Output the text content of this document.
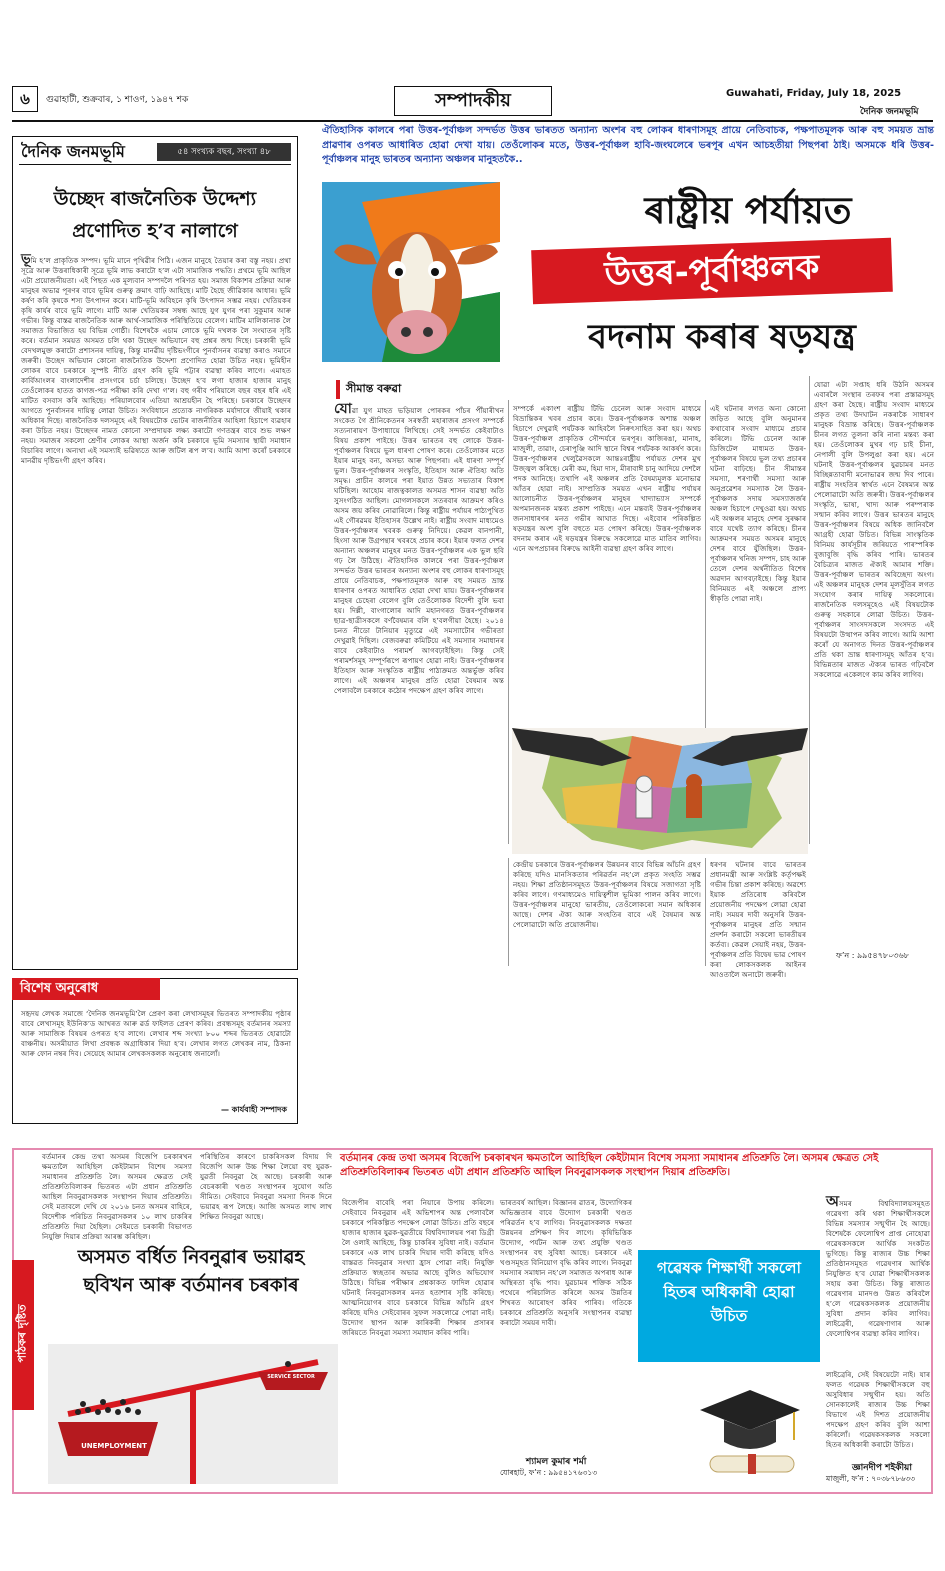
৬	গুৱাহাটী, শুক্ৰবাৰ, ১ শাওণ, ১৯৪৭ শক	সম্পাদকীয়	Guwahati, Friday, July 18, 2025
দৈনিক জনমভূমি
দৈনিক জনমভূমি	৫৪ সংখ্যক বছৰ, সংখ্যা ৪৮
উচ্ছেদ ৰাজনৈতিক উদ্দেশ্য প্ৰণোদিত হ’ব নালাগে
ভূমি হ’ল প্ৰাকৃতিক সম্পদ। ভূমি মানে পৃথিৱীৰ পিঠি। এজন মানুহে তৈয়াৰ কৰা বস্তু নহয়। প্ৰথা সূত্ৰে আৰু উত্তৰাধিকাৰী সূত্ৰে ভূমি লাভ কৰাটো হ’ল এটা সামাজিক পদ্ধতি। প্ৰথমে ভূমি আছিল এটা প্ৰয়োজনীয়তা। এই পিছত এক মূল্যবান সম্পদলৈ পৰিণত হয়। সমাজ বিকাশৰ প্ৰক্ৰিয়া আৰু মানুহৰ অভাৱ পূৰণৰ বাবে ভূমিৰ গুৰুত্ব ক্ৰমাৎ বাঢ়ি আহিছে। মাটি হৈছে জীৱিকাৰ আধাৰ। ভূমি কৰ্ষণ কৰি কৃষকে শস্য উৎপাদন কৰে। মাটি-ভূমি অবিহনে কৃষি উৎপাদন সম্ভৱ নহয়। খেতিয়কৰ কৃষি কাৰ্যৰ বাবে ভূমি লাগে। মাটি আৰু খেতিয়কৰ সম্বন্ধ আছে যুগ যুগৰ পৰা সুকুমাৰ আৰু গভীৰ। কিন্তু বাস্তৱ ৰাজনৈতিক আৰু আৰ্থ-সামাজিক পৰিস্থিতিয়ে বেলেগ। মাটিৰ মালিকানাক লৈ সমাজত বিভাজিত হয় বিভিন্ন গোষ্ঠী। বিশেষকৈ এচাম লোকে ভূমি দখলক লৈ সংঘাতৰ সৃষ্টি কৰে। বৰ্তমান সময়ত অসমত চলি থকা উচ্ছেদ অভিযানে বহু প্ৰশ্নৰ জন্ম দিছে। চৰকাৰী ভূমি বেদখলমুক্ত কৰাটো প্ৰশাসনৰ দায়িত্ব, কিন্তু মানৱীয় দৃষ্টিভংগীৰে পুনৰ্বাসনৰ ব্যৱস্থা কৰাও সমানে জৰুৰী। উচ্ছেদ অভিযান কোনো ৰাজনৈতিক উদ্দেশ্য প্ৰণোদিত হোৱা উচিত নহয়। ভূমিহীন লোকৰ বাবে চৰকাৰে সুস্পষ্ট নীতি গ্ৰহণ কৰি ভূমি পট্টাৰ ব্যৱস্থা কৰিব লাগে। এমাহত কাৰ্বিআংলৰ বাংলাদেশীৰ প্ৰসংগৰে চৰ্চা চলিছে। উচ্ছেদ হ’ব লগা হাজাৰ হাজাৰ মানুহ তেওঁলোকৰ হাতত কাগজ-পত্ৰ পৰীক্ষা কৰি দেখা গ’ল। বহু গৰীব পৰিয়ালে বছৰ বছৰ ধৰি এই মাটিত বসবাস কৰি আহিছে। পৰিয়ালবোৰ এতিয়া আশ্ৰয়হীন হৈ পৰিছে। চৰকাৰে উচ্ছেদৰ আগতে পুনৰ্বাসনৰ দায়িত্ব লোৱা উচিত। সংবিধানে প্ৰত্যেক নাগৰিকক মৰ্যাদাৰে জীয়াই থকাৰ অধিকাৰ দিছে। ৰাজনৈতিক দলসমূহে এই বিষয়টোক ভোটৰ ৰাজনীতিৰ আহিলা হিচাপে ব্যৱহাৰ কৰা উচিত নহয়। উচ্ছেদৰ নামত কোনো সম্প্ৰদায়ক লক্ষ্য কৰাটো গণতন্ত্ৰৰ বাবে শুভ লক্ষণ নহয়। সমাজৰ সকলো শ্ৰেণীৰ লোকৰ আস্থা অৰ্জন কৰি চৰকাৰে ভূমি সমস্যাৰ স্থায়ী সমাধান বিচাৰিব লাগে। অন্যথা এই সমস্যাই ভৱিষ্যতে আৰু জটিল ৰূপ ল’ব। আমি আশা কৰোঁ চৰকাৰে মানৱীয় দৃষ্টিভংগী গ্ৰহণ কৰিব।
বিশেষ অনুৰোধ
সহৃদয় লেখক সমাজে ‘দৈনিক জনমভূমি’লৈ প্ৰেৰণ কৰা লেখাসমূহৰ ভিতৰত সম্পাদকীয় পৃষ্ঠাৰ বাবে লেখাসমূহ ইউনিক’ড আখৰত আৰু ৱৰ্ড ফাইলত প্ৰেৰণ কৰিব। প্ৰবন্ধসমূহ বৰ্তমানৰ সমস্যা আৰু সামাজিক বিষয়ৰ ওপৰত হ’ব লাগে। লেখাৰ শব্দ সংখ্যা ৮০০ শব্দৰ ভিতৰত হোৱাটো বাঞ্চনীয়। অসমীয়াত লিখা প্ৰবন্ধক অগ্ৰাধিকাৰ দিয়া হ’ব। লেখাৰ লগত লেখকৰ নাম, ঠিকনা আৰু ফোন নম্বৰ দিব। সেয়েহে আমাৰ লেখকসকলক অনুৰোধ জনালোঁ।
— কাৰ্যবাহী সম্পাদক
ঐতিহাসিক কালৰে পৰা উত্তৰ-পূৰ্বাঞ্চল সন্দৰ্ভত উত্তৰ ভাৰতত অন্যান্য অংশৰ বহু লোকৰ ধাৰণাসমূহ প্ৰায়ে নেতিবাচক, পক্ষপাতমূলক আৰু বহু সময়ত ভ্ৰান্ত প্ৰাৱণাৰ ওপৰত আধাৰিত হোৱা দেখা যায়। তেওঁলোকৰ মতে, উত্তৰ-পূৰ্বাঞ্চল হাবি-জংঘলেৰে ভৰপূৰ এখন আচহতীয়া পিছপৰা ঠাই। অসমকে ধৰি উত্তৰ-পূৰ্বাঞ্চলৰ মানুহ ভাৰতৰ অন্যান্য অঞ্চলৰ মানুহতকৈ..
ৰাষ্ট্ৰীয় পৰ্যায়ত
উত্তৰ-পূৰ্বাঞ্চলক
বদনাম কৰাৰ ষড়যন্ত্ৰ
সীমান্ত বৰুৱা
যোৱা যুগ মাহত ভড়িয়াল পোৰকৰ পাঁচৰ পীঁয়াৰীখন সংকেত গৈ শ্ৰীনিকেতনৰ সৰস্বতী মহাৰাজৰ প্ৰসংগ সম্পৰ্কে সত্যনাৰায়ণ উপাধ্যায়ে লিখিছে। সেই সন্দৰ্ভত কেইবাটাও বিষয় প্ৰকাশ পাইছে। উত্তৰ ভাৰতৰ বহু লোকে উত্তৰ-পূৰ্বাঞ্চলৰ বিষয়ে ভুল ধাৰণা পোষণ কৰে। তেওঁলোকৰ মতে ইয়াৰ মানুহ বন্য, অসভ্য আৰু পিছপৰা। এই ধাৰণা সম্পূৰ্ণ ভুল। উত্তৰ-পূৰ্বাঞ্চলৰ সংস্কৃতি, ইতিহাস আৰু ঐতিহ্য অতি সমৃদ্ধ। প্ৰাচীন কালৰে পৰা ইয়াত উন্নত সভ্যতাৰ বিকাশ ঘটিছিল। আহোম ৰাজত্বকালত অসমত শাসন ব্যৱস্থা অতি সুসংগঠিত আছিল। মোগলসকলে সতৰবাৰ আক্ৰমণ কৰিও অসম জয় কৰিব নোৱাৰিলে। কিন্তু ৰাষ্ট্ৰীয় পৰ্যায়ৰ পাঠ্যপুথিত এই গৌৰৱময় ইতিহাসৰ উল্লেখ নাই। ৰাষ্ট্ৰীয় সংবাদ মাধ্যমেও উত্তৰ-পূৰ্বাঞ্চলৰ খবৰক গুৰুত্ব নিদিয়ে। কেৱল বানপানী, হিংসা আৰু উগ্ৰপন্থাৰ খবৰহে প্ৰচাৰ কৰে। ইয়াৰ ফলত দেশৰ অন্যান্য অঞ্চলৰ মানুহৰ মনত উত্তৰ-পূৰ্বাঞ্চলৰ এক ভুল ছবি গঢ় লৈ উঠিছে। ঐতিহাসিক কালৰে পৰা উত্তৰ-পূৰ্বাঞ্চল সন্দৰ্ভত উত্তৰ ভাৰতৰ অন্যান্য অংশৰ বহু লোকৰ ধাৰণাসমূহ প্ৰায়ে নেতিবাচক, পক্ষপাতমূলক আৰু বহু সময়ত ভ্ৰান্ত ধাৰণাৰ ওপৰত আধাৰিত হোৱা দেখা যায়। উত্তৰ-পূৰ্বাঞ্চলৰ মানুহৰ চেহেৰা বেলেগ বুলি তেওঁলোকক বিদেশী বুলি ভবা হয়। দিল্লী, বাংগালোৰ আদি মহানগৰত উত্তৰ-পূৰ্বাঞ্চলৰ ছাত্ৰ-ছাত্ৰীসকলে বৰ্ণবৈষম্যৰ বলি হ’বলগীয়া হৈছে। ২০১৪ চনত নীডো টানিয়াৰ মৃত্যুৱে এই সমস্যাটোৰ গভীৰতা দেখুৱাই দিছিল। বেজবৰুৱা কমিটিয়ে এই সমস্যাৰ সমাধানৰ বাবে কেইবাটাও পৰামৰ্শ আগবঢ়াইছিল। কিন্তু সেই পৰামৰ্শসমূহ সম্পূৰ্ণৰূপে ৰূপায়ণ হোৱা নাই। উত্তৰ-পূৰ্বাঞ্চলৰ ইতিহাস আৰু সংস্কৃতিক ৰাষ্ট্ৰীয় পাঠ্যক্ৰমত অন্তৰ্ভুক্ত কৰিব লাগে। এই অঞ্চলৰ মানুহৰ প্ৰতি হোৱা বৈষম্যৰ অন্ত পেলাবলৈ চৰকাৰে কঠোৰ পদক্ষেপ গ্ৰহণ কৰিব লাগে।
সম্পৰ্কে একাংশ ৰাষ্ট্ৰীয় টিভি চেনেল আৰু সংবাদ মাধ্যমে বিভ্ৰান্তিকৰ খবৰ প্ৰচাৰ কৰে। উত্তৰ-পূৰ্বাঞ্চলক অশান্ত অঞ্চল হিচাপে দেখুৱাই পৰ্যটকক আহিবলৈ নিৰুৎসাহিত কৰা হয়। অথচ উত্তৰ-পূৰ্বাঞ্চল প্ৰাকৃতিক সৌন্দৰ্যৰে ভৰপূৰ। কাজিৰঙা, মানাহ, মাজুলী, তাৱাং, চেৰাপুঞ্জি আদি স্থানে বিশ্বৰ পৰ্যটকক আকৰ্ষণ কৰে। উত্তৰ-পূৰ্বাঞ্চলৰ খেলুৱৈসকলে আন্তঃৰাষ্ট্ৰীয় পৰ্যায়ত দেশৰ মুখ উজ্জ্বল কৰিছে। মেৰী কম, হিমা দাস, মীৰাবাঈ চানু আদিয়ে দেশলৈ পদক আনিছে। তথাপি এই অঞ্চলৰ প্ৰতি বৈষম্যমূলক মনোভাৱ আঁতৰ হোৱা নাই। সাম্প্ৰতিক সময়ত এখন ৰাষ্ট্ৰীয় পৰ্যায়ৰ আলোচনীত উত্তৰ-পূৰ্বাঞ্চলৰ মানুহৰ খাদ্যাভ্যাস সম্পৰ্কে অপমানজনক মন্তব্য প্ৰকাশ পাইছে। এনে মন্তব্যই উত্তৰ-পূৰ্বাঞ্চলৰ জনসাধাৰণৰ মনত গভীৰ আঘাত দিছে। এইবোৰ পৰিকল্পিত ষড়যন্ত্ৰৰ অংশ বুলি বহুতে মত পোষণ কৰিছে। উত্তৰ-পূৰ্বাঞ্চলক বদনাম কৰাৰ এই ষড়যন্ত্ৰৰ বিৰুদ্ধে সকলোৱে মাত মাতিব লাগিব। এনে অপপ্ৰচাৰৰ বিৰুদ্ধে আইনী ব্যৱস্থা গ্ৰহণ কৰিব লাগে।
এই ঘটনাৰ লগত অন্য কোনো জড়িত আছে বুলি অনুমানৰ কথাবোৰ সংবাদ মাধ্যমে প্ৰচাৰ কৰিলে। টিভি চেনেল আৰু ডিজিটেল মাধ্যমত উত্তৰ-পূৰ্বাঞ্চলৰ বিষয়ে ভুল তথ্য প্ৰচাৰৰ ঘটনা বাঢ়িছে। চীন সীমান্তৰ সমস্যা, শৰণাৰ্থী সমস্যা আৰু অনুপ্ৰৱেশৰ সমস্যাক লৈ উত্তৰ-পূৰ্বাঞ্চলক সদায় সমস্যাজৰ্জৰ অঞ্চল হিচাপে দেখুওৱা হয়। অথচ এই অঞ্চলৰ মানুহে দেশৰ সুৰক্ষাৰ বাবে যথেষ্ট ত্যাগ কৰিছে। চীনৰ আক্ৰমণৰ সময়ত অসমৰ মানুহে দেশৰ বাবে যুঁজিছিল। উত্তৰ-পূৰ্বাঞ্চলৰ খনিজ সম্পদ, চাহ আৰু তেলে দেশৰ অৰ্থনীতিত বিশেষ অৱদান আগবঢ়াইছে। কিন্তু ইয়াৰ বিনিময়ত এই অঞ্চলে প্ৰাপ্য স্বীকৃতি পোৱা নাই।
কেন্দ্ৰীয় চৰকাৰে উত্তৰ-পূৰ্বাঞ্চলৰ উন্নয়নৰ বাবে বিভিন্ন আঁচনি গ্ৰহণ কৰিছে যদিও মানসিকতাৰ পৰিৱৰ্তন নহ’লে প্ৰকৃত সংহতি সম্ভৱ নহয়। শিক্ষা প্ৰতিষ্ঠানসমূহত উত্তৰ-পূৰ্বাঞ্চলৰ বিষয়ে সজাগতা সৃষ্টি কৰিব লাগে। গণমাধ্যমেও দায়িত্বশীল ভূমিকা পালন কৰিব লাগে। উত্তৰ-পূৰ্বাঞ্চলৰ মানুহো ভাৰতীয়, তেওঁলোকৰো সমান অধিকাৰ আছে। দেশৰ ঐক্য আৰু সংহতিৰ বাবে এই বৈষম্যৰ অন্ত পেলোৱাটো অতি প্ৰয়োজনীয়।
ধৰণৰ ঘটনাৰ বাবে ভাৰতৰ প্ৰধানমন্ত্ৰী আৰু সংশ্লিষ্ট কৰ্তৃপক্ষই গভীৰ চিন্তা প্ৰকাশ কৰিছে। অৱশ্যে ইয়াক প্ৰতিৰোধ কৰিবলৈ প্ৰয়োজনীয় পদক্ষেপ লোৱা হোৱা নাই। সময়ৰ দাবী অনুসৰি উত্তৰ-পূৰ্বাঞ্চলৰ মানুহৰ প্ৰতি সন্মান প্ৰদৰ্শন কৰাটো সকলো ভাৰতীয়ৰ কৰ্তব্য। কেৱল সেয়াই নহয়, উত্তৰ-পূৰ্বাঞ্চলৰ প্ৰতি বিদ্বেষ ভাৱ পোষণ কৰা লোকসকলক আইনৰ আওতালৈ অনাটো জৰুৰী।
যোৱা এটা সপ্তাহ ধৰি উঠনি অসমৰ এবাৰলৈ সংস্থাৰ তৰফৰ পৰা প্ৰস্তাৱসমূহ গ্ৰহণ কৰা হৈছে। ৰাষ্ট্ৰীয় সংবাদ মাধ্যমে প্ৰকৃত তথ্য উদঘাটন নকৰাকৈ সাধাৰণ মানুহক বিভ্ৰান্ত কৰিছে। উত্তৰ-পূৰ্বাঞ্চলক চীনৰ লগত তুলনা কৰি নানা মন্তব্য কৰা হয়। তেওঁলোকৰ মুখৰ গঢ় চাই চীনা, নেপালী বুলি উপলুঙা কৰা হয়। এনে ঘটনাই উত্তৰ-পূৰ্বাঞ্চলৰ যুৱচামৰ মনত বিচ্ছিন্নতাবাদী মনোভাৱৰ জন্ম দিব পাৰে। ৰাষ্ট্ৰীয় সংহতিৰ স্বাৰ্থত এনে বৈষম্যৰ অন্ত পেলোৱাটো অতি জৰুৰী। উত্তৰ-পূৰ্বাঞ্চলৰ সংস্কৃতি, ভাষা, খাদ্য আৰু পৰম্পৰাক সন্মান কৰিব লাগে। উত্তৰ ভাৰতৰ মানুহে উত্তৰ-পূৰ্বাঞ্চলৰ বিষয়ে অধিক জানিবলৈ আগ্ৰহী হোৱা উচিত। বিভিন্ন সাংস্কৃতিক বিনিময় কাৰ্যসূচীৰ জৰিয়তে পাৰস্পৰিক বুজাবুজি বৃদ্ধি কৰিব পাৰি। ভাৰতৰ বৈচিত্ৰ্যৰ মাজত ঐক্যই আমাৰ শক্তি। উত্তৰ-পূৰ্বাঞ্চল ভাৰতৰ অবিচ্ছেদ্য অংগ। এই অঞ্চলৰ মানুহক দেশৰ মূলসুঁতিৰ লগত সংযোগ কৰাৰ দায়িত্ব সকলোৰে। ৰাজনৈতিক দলসমূহেও এই বিষয়টোক গুৰুত্ব সহকাৰে লোৱা উচিত। উত্তৰ-পূৰ্বাঞ্চলৰ সাংসদসকলে সংসদত এই বিষয়টো উত্থাপন কৰিব লাগে। আমি আশা কৰোঁ যে অনাগত দিনত উত্তৰ-পূৰ্বাঞ্চলৰ প্ৰতি থকা ভ্ৰান্ত ধাৰণাসমূহ আঁতৰ হ’ব। বিভিন্নতাৰ মাজত ঐক্যৰ ভাৰত গঢ়িবলৈ সকলোৱে একেলগে কাম কৰিব লাগিব।
ফ’ন : ৯৯৫৪৭৮০৩৬৮
পাঠকৰ দৃষ্টিত
বৰ্তমানৰ কেন্দ্ৰ তথা অসমৰ বিজেপি চৰকাৰখন ক্ষমতালৈ আহিছিল কেইটামান বিশেষ সমস্যা সমাধানৰ প্ৰতিশ্ৰুতি লৈ। অসমৰ ক্ষেত্ৰত সেই প্ৰতিশ্ৰুতিবিলাকৰ ভিতৰত এটা প্ৰধান প্ৰতিশ্ৰুতি আছিল নিবনুৱাসকলক সংস্থাপন দিয়াৰ প্ৰতিশ্ৰুতি।
বৰ্তমানৰ কেন্দ্ৰ তথা অসমৰ বিজেপি চৰকাৰখন ক্ষমতালৈ আহিছিল কেইটামান বিশেষ সমস্যা সমাধানৰ প্ৰতিশ্ৰুতি লৈ। অসমৰ ক্ষেত্ৰত সেই প্ৰতিশ্ৰুতিবিলাকৰ ভিতৰত এটা প্ৰধান প্ৰতিশ্ৰুতি আছিল নিবনুৱাসকলক সংস্থাপন দিয়াৰ প্ৰতিশ্ৰুতি। সেই মতাবলে দেখি যে ২০১৬ চনত অসমৰ বাহিৰে, বিদেশীক পৰিচিত নিবনুৱাসকলৰ ১০ লাখ চাকৰিৰ প্ৰতিশ্ৰুতি দিয়া হৈছিল। সেইমতে চৰকাৰী বিভাগত নিযুক্তি দিয়াৰ প্ৰক্ৰিয়া আৰম্ভ কৰিছিল।
পৰিস্থিতিৰ কাৰণে চাকৰিসকল বিদায় দি বিজেপি আৰু উচ্চ শিক্ষা লৈয়ো বহু যুৱক-যুৱতী নিবনুৱা হৈ আছে। চৰকাৰী আৰু বেচৰকাৰী খণ্ডত সংস্থাপনৰ সুযোগ অতি সীমিত। সেইবাবে নিবনুৱা সমস্যা দিনক দিনে ভয়াৱহ ৰূপ লৈছে। আজি অসমত লাখ লাখ শিক্ষিত নিবনুৱা আছে।
অসমত বৰ্ধিত নিবনুৱাৰ ভয়াৱহ ছবিখন আৰু বৰ্তমানৰ চৰকাৰ
UNEMPLOYMENT
SERVICE SECTOR
বিজেপীৰ বাবেহি পৰা নিয়াৰে উপায় কৰিলে। সেইবাবে নিবনুৱাৰ এই অভিশাপৰ অন্ত পেলাবলৈ চৰকাৰে পৰিকল্পিত পদক্ষেপ লোৱা উচিত। প্ৰতি বছৰে হাজাৰ হাজাৰ যুৱক-যুৱতীয়ে বিশ্ববিদ্যালয়ৰ পৰা ডিগ্ৰী লৈ ওলাই আহিছে, কিন্তু চাকৰিৰ সুবিধা নাই। বৰ্তমান চৰকাৰে এক লাখ চাকৰি দিয়াৰ দাবী কৰিছে যদিও বাস্তৱত নিবনুৱাৰ সংখ্যা হ্ৰাস পোৱা নাই। নিযুক্তি প্ৰক্ৰিয়াত স্বচ্ছতাৰ অভাৱ আছে বুলিও অভিযোগ উঠিছে। বিভিন্ন পৰীক্ষাৰ প্ৰশ্নকাকত ফাদিল হোৱাৰ ঘটনাই নিবনুৱাসকলৰ মনত হতাশাৰ সৃষ্টি কৰিছে। আত্মনিয়োগৰ বাবে চৰকাৰে বিভিন্ন আঁচনি গ্ৰহণ কৰিছে যদিও সেইবোৰৰ সুফল সকলোৱে পোৱা নাই। উদ্যোগ স্থাপন আৰু কাৰিকৰী শিক্ষাৰ প্ৰসাৰৰ জৰিয়তে নিবনুৱা সমস্যা সমাধান কৰিব পাৰি।
ভাৰতবৰ্ষ আছিল। বিজ্ঞানৰ ৱাতৰ, উদ্যোগিকৰ অভিজ্ঞতাৰ বাবে উদ্যোগ চৰকাৰী খণ্ডত পৰিৱৰ্তন হ’ব লাগিব। নিবনুৱাসকলক দক্ষতা উন্নয়নৰ প্ৰশিক্ষণ দিব লাগে। কৃষিভিত্তিক উদ্যোগ, পৰ্যটন আৰু তথ্য প্ৰযুক্তি খণ্ডত সংস্থাপনৰ বহু সুবিধা আছে। চৰকাৰে এই খণ্ডসমূহত বিনিয়োগ বৃদ্ধি কৰিব লাগে। নিবনুৱা সমস্যাৰ সমাধান নহ’লে সমাজত অপৰাধ আৰু অস্থিৰতা বৃদ্ধি পাব। যুৱচামৰ শক্তিক সঠিক পথেৰে পৰিচালিত কৰিলে অসম উন্নতিৰ শিখৰত আৰোহণ কৰিব পাৰিব। গতিকে চৰকাৰে প্ৰতিশ্ৰুতি অনুসৰি সংস্থাপনৰ ব্যৱস্থা কৰাটো সময়ৰ দাবী।
শ্যামল কুমাৰ শৰ্মা
যোৰহাট, ফ’ন : ৯৯৫৪১৭৬৩১৩
গৱেষক শিক্ষাৰ্থী সকলো হিতৰ অধিকাৰী হোৱা উচিত
অসমৰ বিশ্ববিদ্যালয়সমূহত গৱেষণা কৰি থকা শিক্ষাৰ্থীসকলে বিভিন্ন সমস্যাৰ সন্মুখীন হৈ আছে। বিশেষকৈ ফেলোশ্বিপ প্ৰাপ্ত নোহোৱা গৱেষকসকলে আৰ্থিক সংকটত ভুগিছে। কিন্তু ৰাজ্যৰ উচ্চ শিক্ষা প্ৰতিষ্ঠানসমূহত গৱেষণাৰ আৰ্থিক নিযুক্তিত হ’ব যোৱা শিক্ষাৰ্থীসকলক সহায় কৰা উচিত। কিন্তু ৰাজ্যত গৱেষণাৰ মানদণ্ড উন্নত কৰিবলৈ হ’লে গৱেষকসকলক প্ৰয়োজনীয় সুবিধা প্ৰদান কৰিব লাগিব। লাইব্ৰেৰী, গৱেষণাগাৰ আৰু ফেলোশ্বিপৰ ব্যৱস্থা কৰিব লাগিব।
লাইব্ৰেৰি, সেই বিষয়েটো নাই। যাৰ ফলত গৱেষক শিক্ষাৰ্থীসকলে বহু অসুবিধাৰ সন্মুখীন হয়। অতি সোনকালেই ৰাজ্যৰ উচ্চ শিক্ষা বিভাগে এই দিশত প্ৰয়োজনীয় পদক্ষেপ গ্ৰহণ কৰিব বুলি আশা কৰিলোঁ। গৱেষকসকলক সকলো হিতৰ অধিকাৰী কৰাটো উচিত।
জ্ঞানদীপ শইকীয়া
মাজুলী, ফ’ন : ৭০৩৮৭৮৬৩৩
